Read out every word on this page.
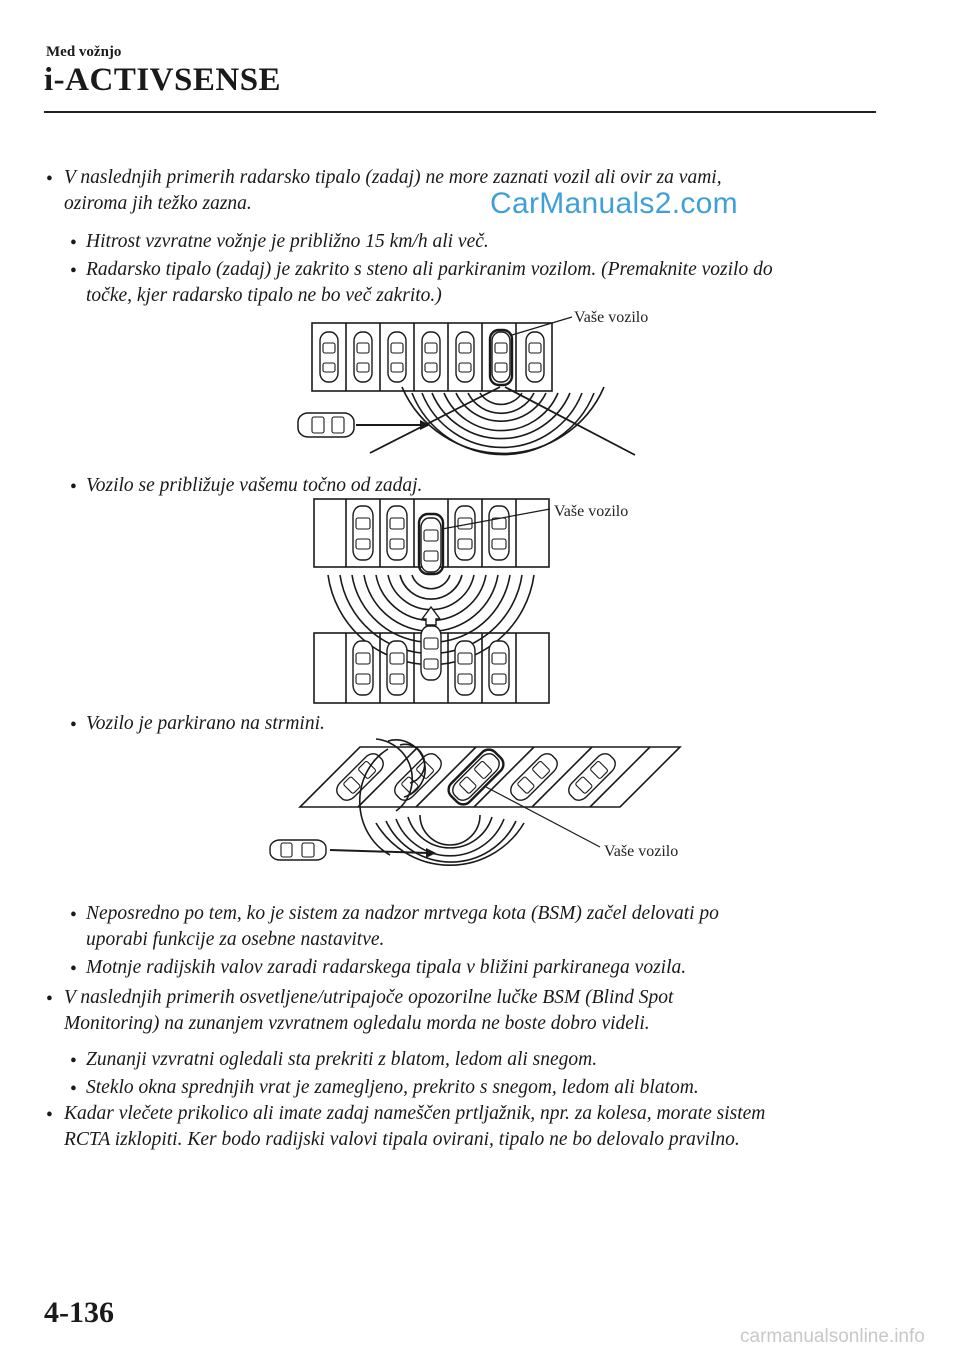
Med vožnjo
i-ACTIVSENSE
CarManuals2.com
• V naslednjih primerih radarsko tipalo (zadaj) ne more zaznati vozil ali ovir za vami,
oziroma jih težko zazna.
• Hitrost vzvratne vožnje je približno 15 km/h ali več.
• Radarsko tipalo (zadaj) je zakrito s steno ali parkiranim vozilom. (Premaknite vozilo do
točke, kjer radarsko tipalo ne bo več zakrito.)
Vaše vozilo
• Vozilo se približuje vašemu točno od zadaj.
Vaše vozilo
• Vozilo je parkirano na strmini.
Vaše vozilo
• Neposredno po tem, ko je sistem za nadzor mrtvega kota (BSM) začel delovati po
uporabi funkcije za osebne nastavitve.
• Motnje radijskih valov zaradi radarskega tipala v bližini parkiranega vozila.
• V naslednjih primerih osvetljene/utripajoče opozorilne lučke BSM (Blind Spot
Monitoring) na zunanjem vzvratnem ogledalu morda ne boste dobro videli.
• Zunanji vzvratni ogledali sta prekriti z blatom, ledom ali snegom.
• Steklo okna sprednjih vrat je zamegljeno, prekrito s snegom, ledom ali blatom.
• Kadar vlečete prikolico ali imate zadaj nameščen prtljažnik, npr. za kolesa, morate sistem
RCTA izklopiti. Ker bodo radijski valovi tipala ovirani, tipalo ne bo delovalo pravilno.
4-136
carmanualsonline.info
